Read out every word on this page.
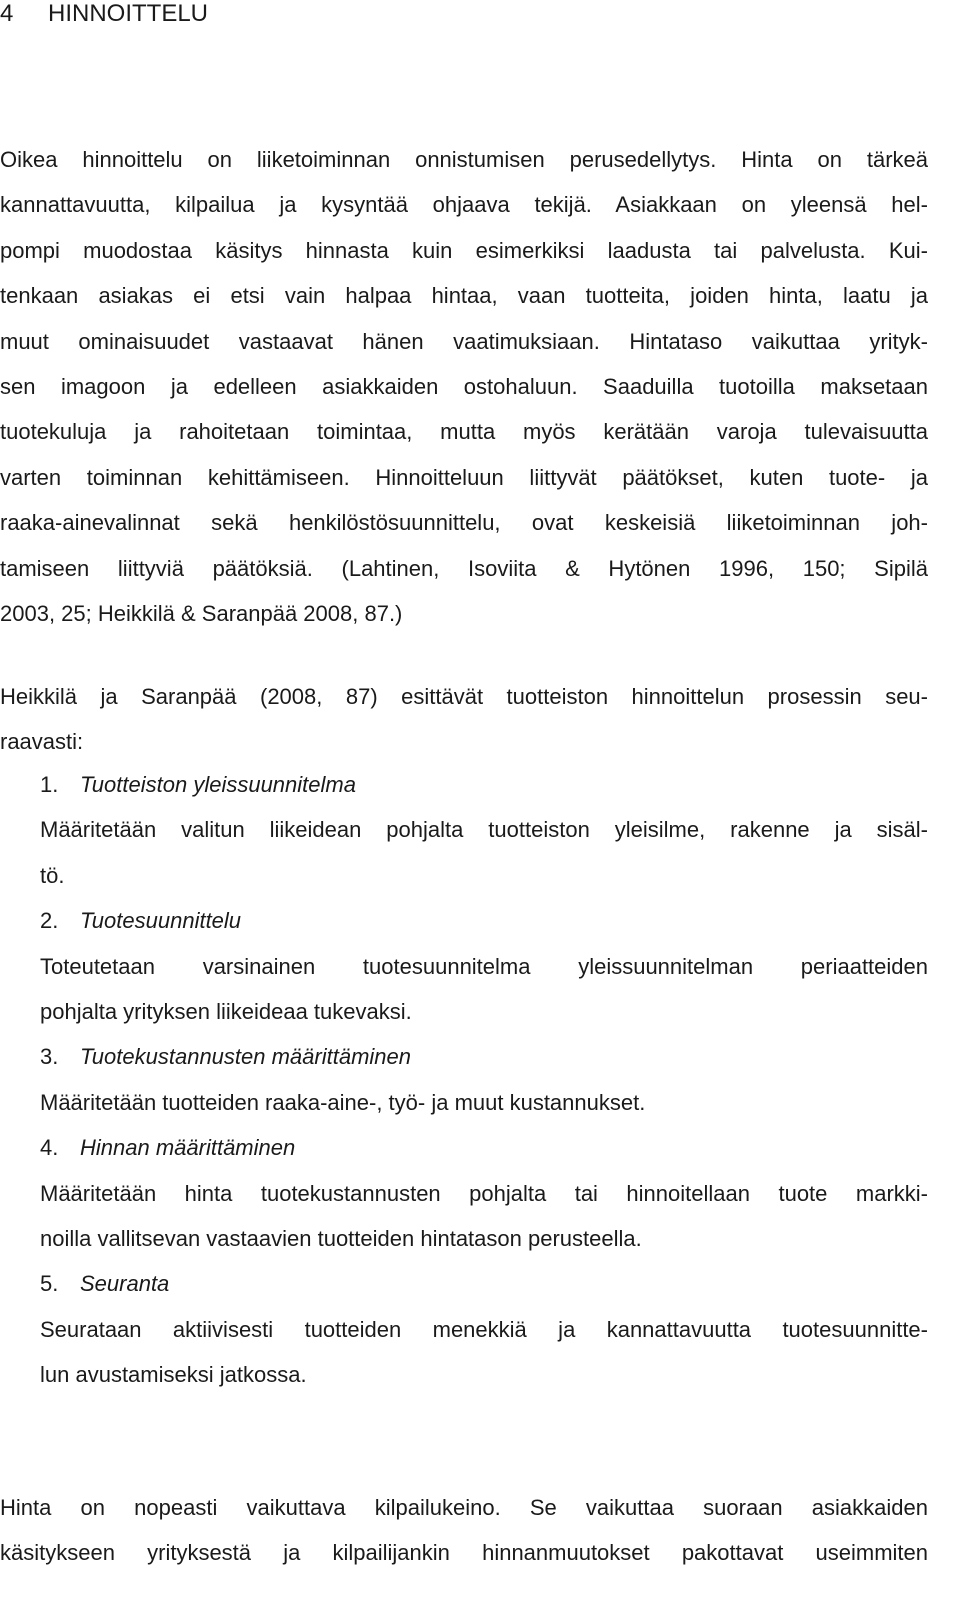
4 HINNOITTELU
Oikea hinnoittelu on liiketoiminnan onnistumisen perusedellytys. Hinta on tärkeä
kannattavuutta, kilpailua ja kysyntää ohjaava tekijä. Asiakkaan on yleensä hel-
pompi muodostaa käsitys hinnasta kuin esimerkiksi laadusta tai palvelusta. Kui-
tenkaan asiakas ei etsi vain halpaa hintaa, vaan tuotteita, joiden hinta, laatu ja
muut ominaisuudet vastaavat hänen vaatimuksiaan. Hintataso vaikuttaa yrityk-
sen imagoon ja edelleen asiakkaiden ostohaluun. Saaduilla tuotoilla maksetaan
tuotekuluja ja rahoitetaan toimintaa, mutta myös kerätään varoja tulevaisuutta
varten toiminnan kehittämiseen. Hinnoitteluun liittyvät päätökset, kuten tuote- ja
raaka-ainevalinnat sekä henkilöstösuunnittelu, ovat keskeisiä liiketoiminnan joh-
tamiseen liittyviä päätöksiä. (Lahtinen, Isoviita & Hytönen 1996, 150; Sipilä
2003, 25; Heikkilä & Saranpää 2008, 87.)
Heikkilä ja Saranpää (2008, 87) esittävät tuotteiston hinnoittelun prosessin seu-
raavasti:
1. Tuotteiston yleissuunnitelma
Määritetään valitun liikeidean pohjalta tuotteiston yleisilme, rakenne ja sisäl-
tö.
2. Tuotesuunnittelu
Toteutetaan varsinainen tuotesuunnitelma yleissuunnitelman periaatteiden
pohjalta yrityksen liikeideaa tukevaksi.
3. Tuotekustannusten määrittäminen
Määritetään tuotteiden raaka-aine-, työ- ja muut kustannukset.
4. Hinnan määrittäminen
Määritetään hinta tuotekustannusten pohjalta tai hinnoitellaan tuote markki-
noilla vallitsevan vastaavien tuotteiden hintatason perusteella.
5. Seuranta
Seurataan aktiivisesti tuotteiden menekkiä ja kannattavuutta tuotesuunnitte-
lun avustamiseksi jatkossa.
Hinta on nopeasti vaikuttava kilpailukeino. Se vaikuttaa suoraan asiakkaiden
käsitykseen yrityksestä ja kilpailijankin hinnanmuutokset pakottavat useimmiten
